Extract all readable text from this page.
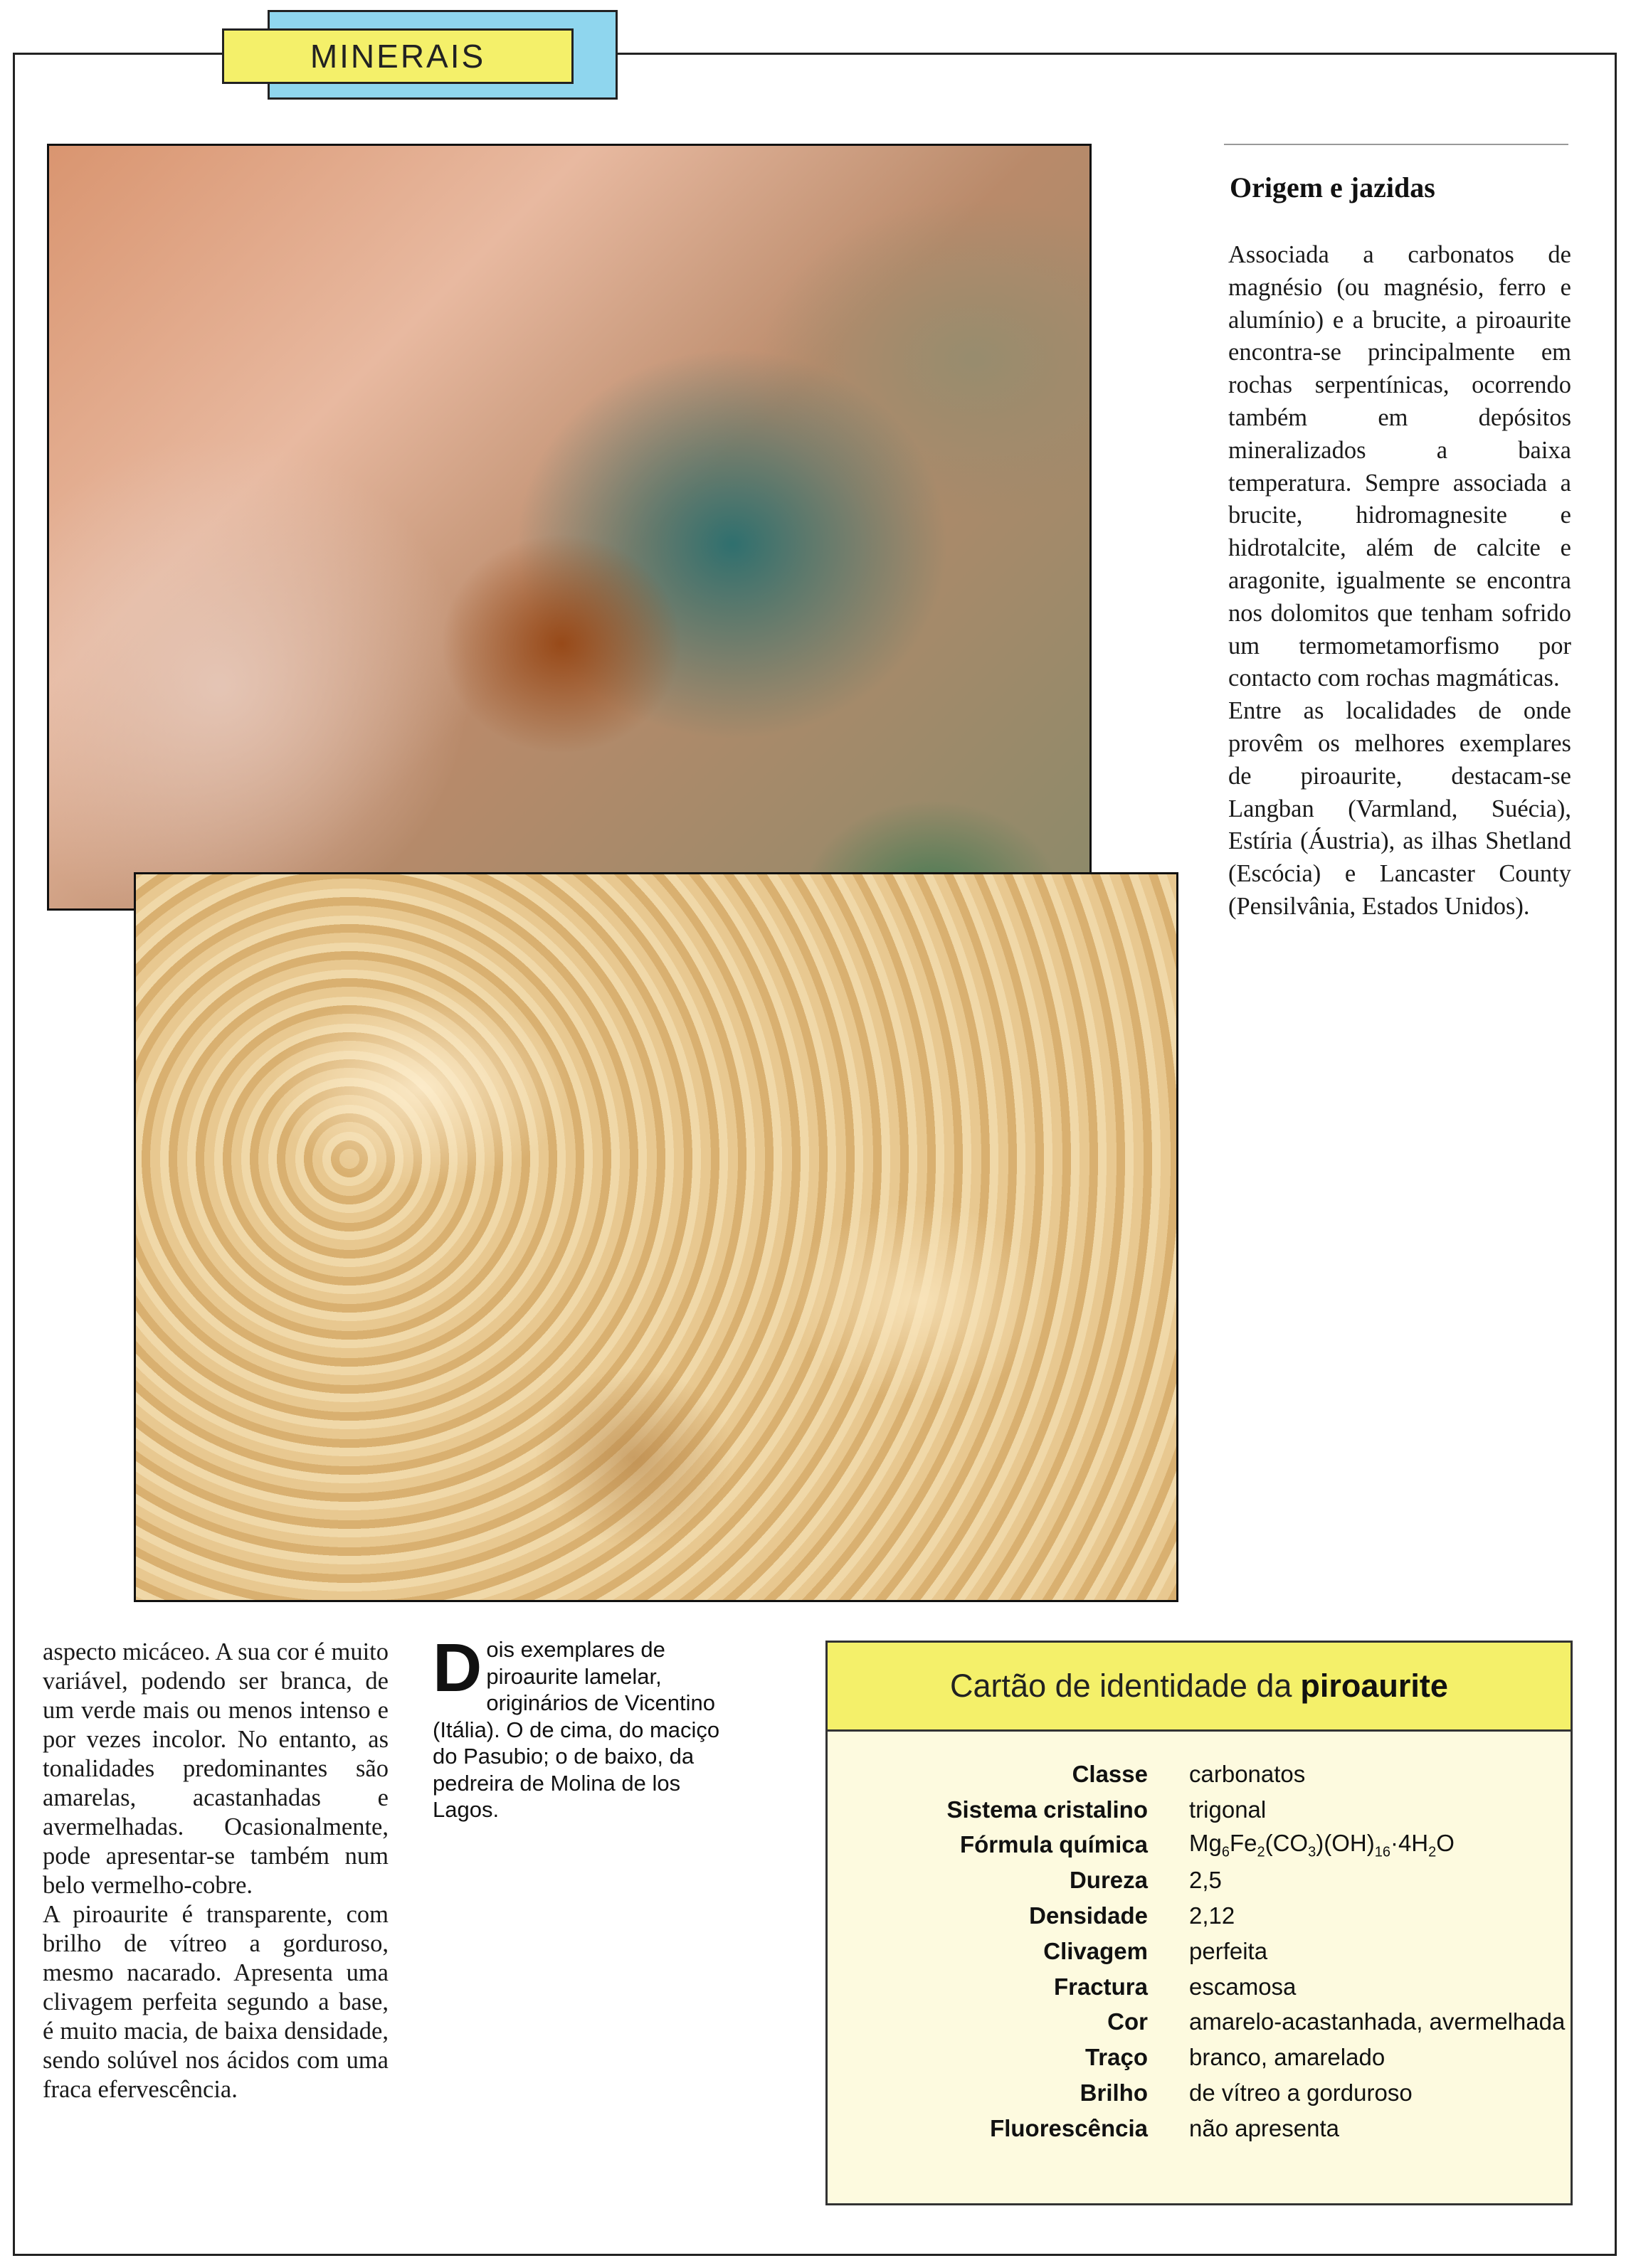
MINERAIS
Origem e jazidas

Associada a carbonatos de magnésio (ou magnésio, ferro e alumínio) e a brucite, a piroaurite encontra-se principalmente em rochas serpentínicas, ocorrendo também em depósitos mineralizados a baixa temperatura. Sempre associada a brucite, hidromagnesite e hidrotalcite, além de calcite e aragonite, igualmente se encontra nos dolomitos que tenham sofrido um termometamorfismo por contacto com rochas magmáticas.

Entre as localidades de onde provêm os melhores exemplares de piroaurite, destacam-se Langban (Varmland, Suécia), Estíria (Áustria), as ilhas Shetland (Escócia) e Lancaster County (Pensilvânia, Estados Unidos).

aspecto micáceo. A sua cor é muito variável, podendo ser branca, de um verde mais ou menos intenso e por vezes incolor. No entanto, as tonalidades predominantes são amarelas, acastanhadas e avermelhadas. Ocasionalmente, pode apresentar-se também num belo vermelho-cobre.

A piroaurite é transparente, com brilho de vítreo a gorduroso, mesmo nacarado. Apresenta uma clivagem perfeita segundo a base, é muito macia, de baixa densidade, sendo solúvel nos ácidos com uma fraca efervescência.

D ois exemplares de piroaurite lamelar, originários de Vicentino (Itália). O de cima, do maciço do Pasubio; o de baixo, da pedreira de Molina de los Lagos.
Cartão de identidade da piroaurite
Classe carbonatos
Sistema cristalino trigonal
Fórmula química $Mg_6Fe_2(CO_3)(OH)_{16}\cdot 4H_2O$
Dureza 2,5
Densidade 2,12
Clivagem perfeita
Fractura escamosa
Cor amarelo-acastanhada, avermelhada
Traço branco, amarelado
Brilho de vítreo a gorduroso
Fluorescência não apresenta
